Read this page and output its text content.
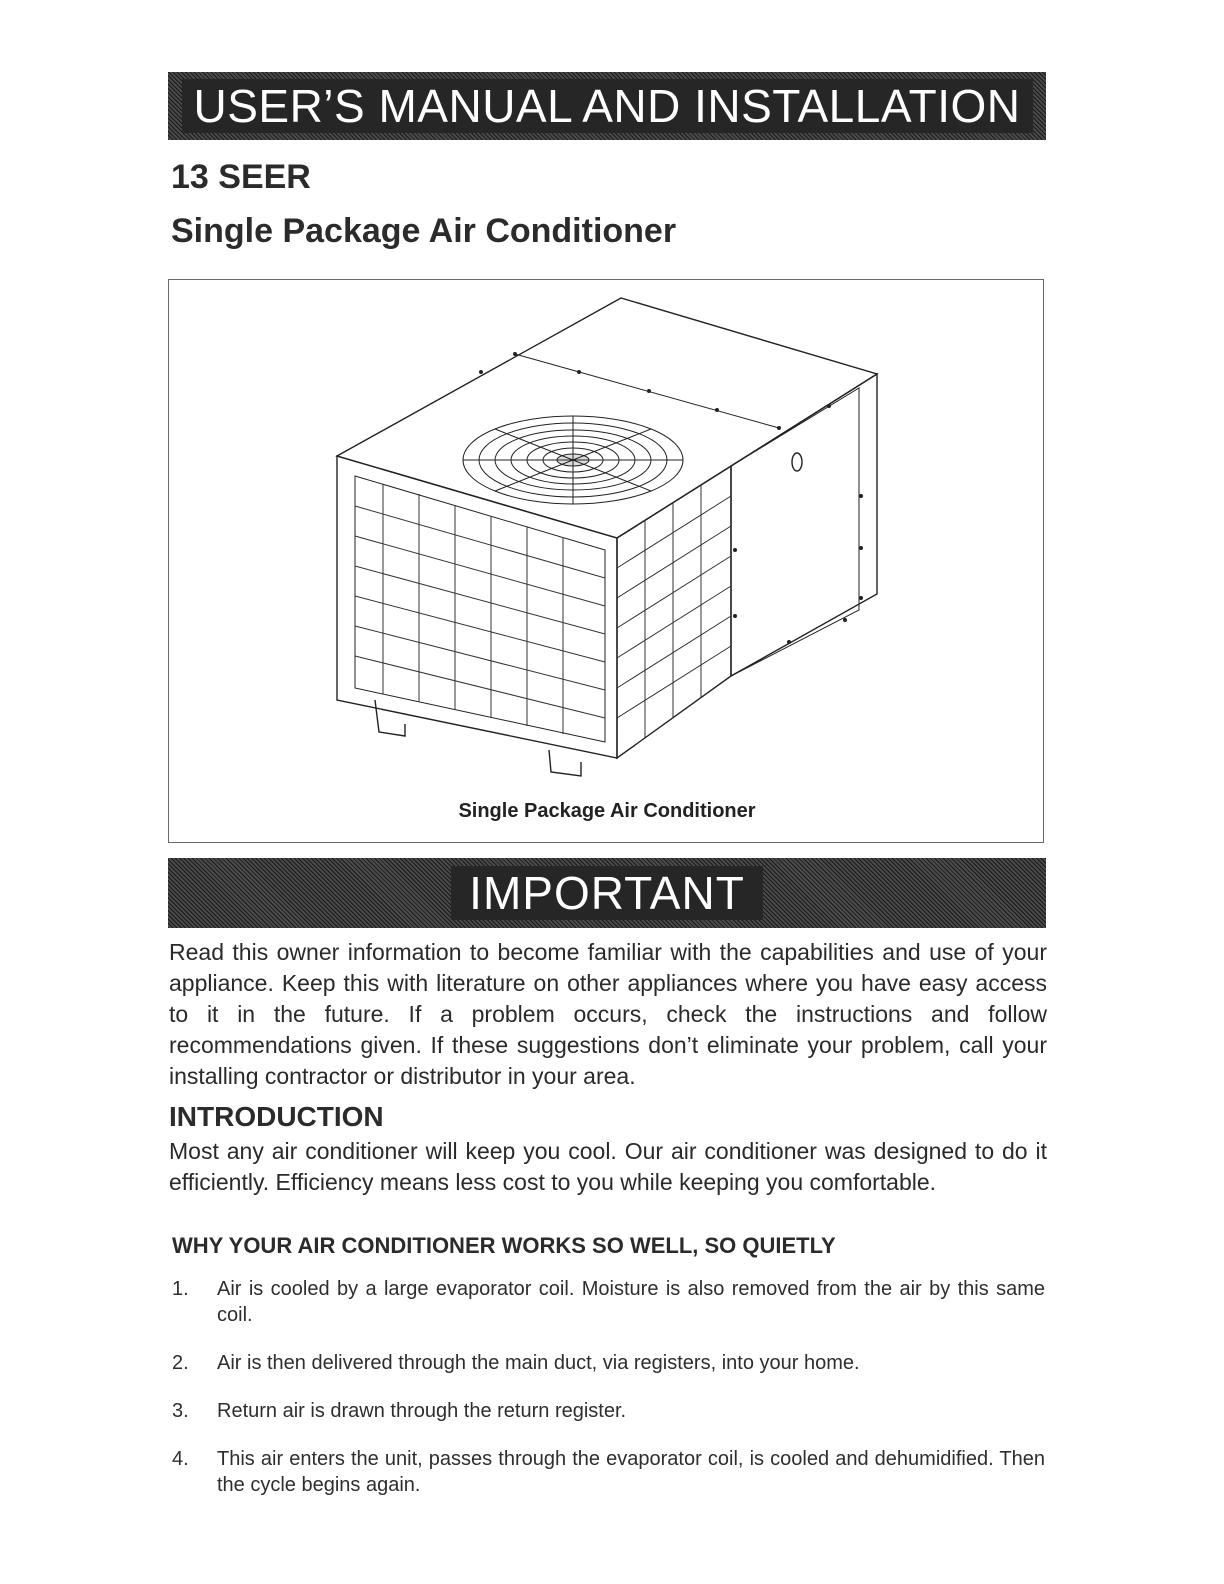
USER’S MANUAL AND INSTALLATION
13 SEER
Single Package Air Conditioner
Single Package Air Conditioner
IMPORTANT

Read this owner information to become familiar with the capabilities and use of your appliance. Keep this with literature on other appliances where you have easy access to it in the future. If a problem occurs, check the instructions and follow recommendations given. If these suggestions don’t eliminate your problem, call your installing contractor or distributor in your area.

INTRODUCTION

Most any air conditioner will keep you cool. Our air conditioner was designed to do it efficiently. Efficiency means less cost to you while keeping you comfortable.

WHY YOUR AIR CONDITIONER WORKS SO WELL, SO QUIETLY
1. Air is cooled by a large evaporator coil. Moisture is also removed from the air by this same coil.
2. Air is then delivered through the main duct, via registers, into your home.
3. Return air is drawn through the return register.
4. This air enters the unit, passes through the evaporator coil, is cooled and dehumidified. Then the cycle begins again.
